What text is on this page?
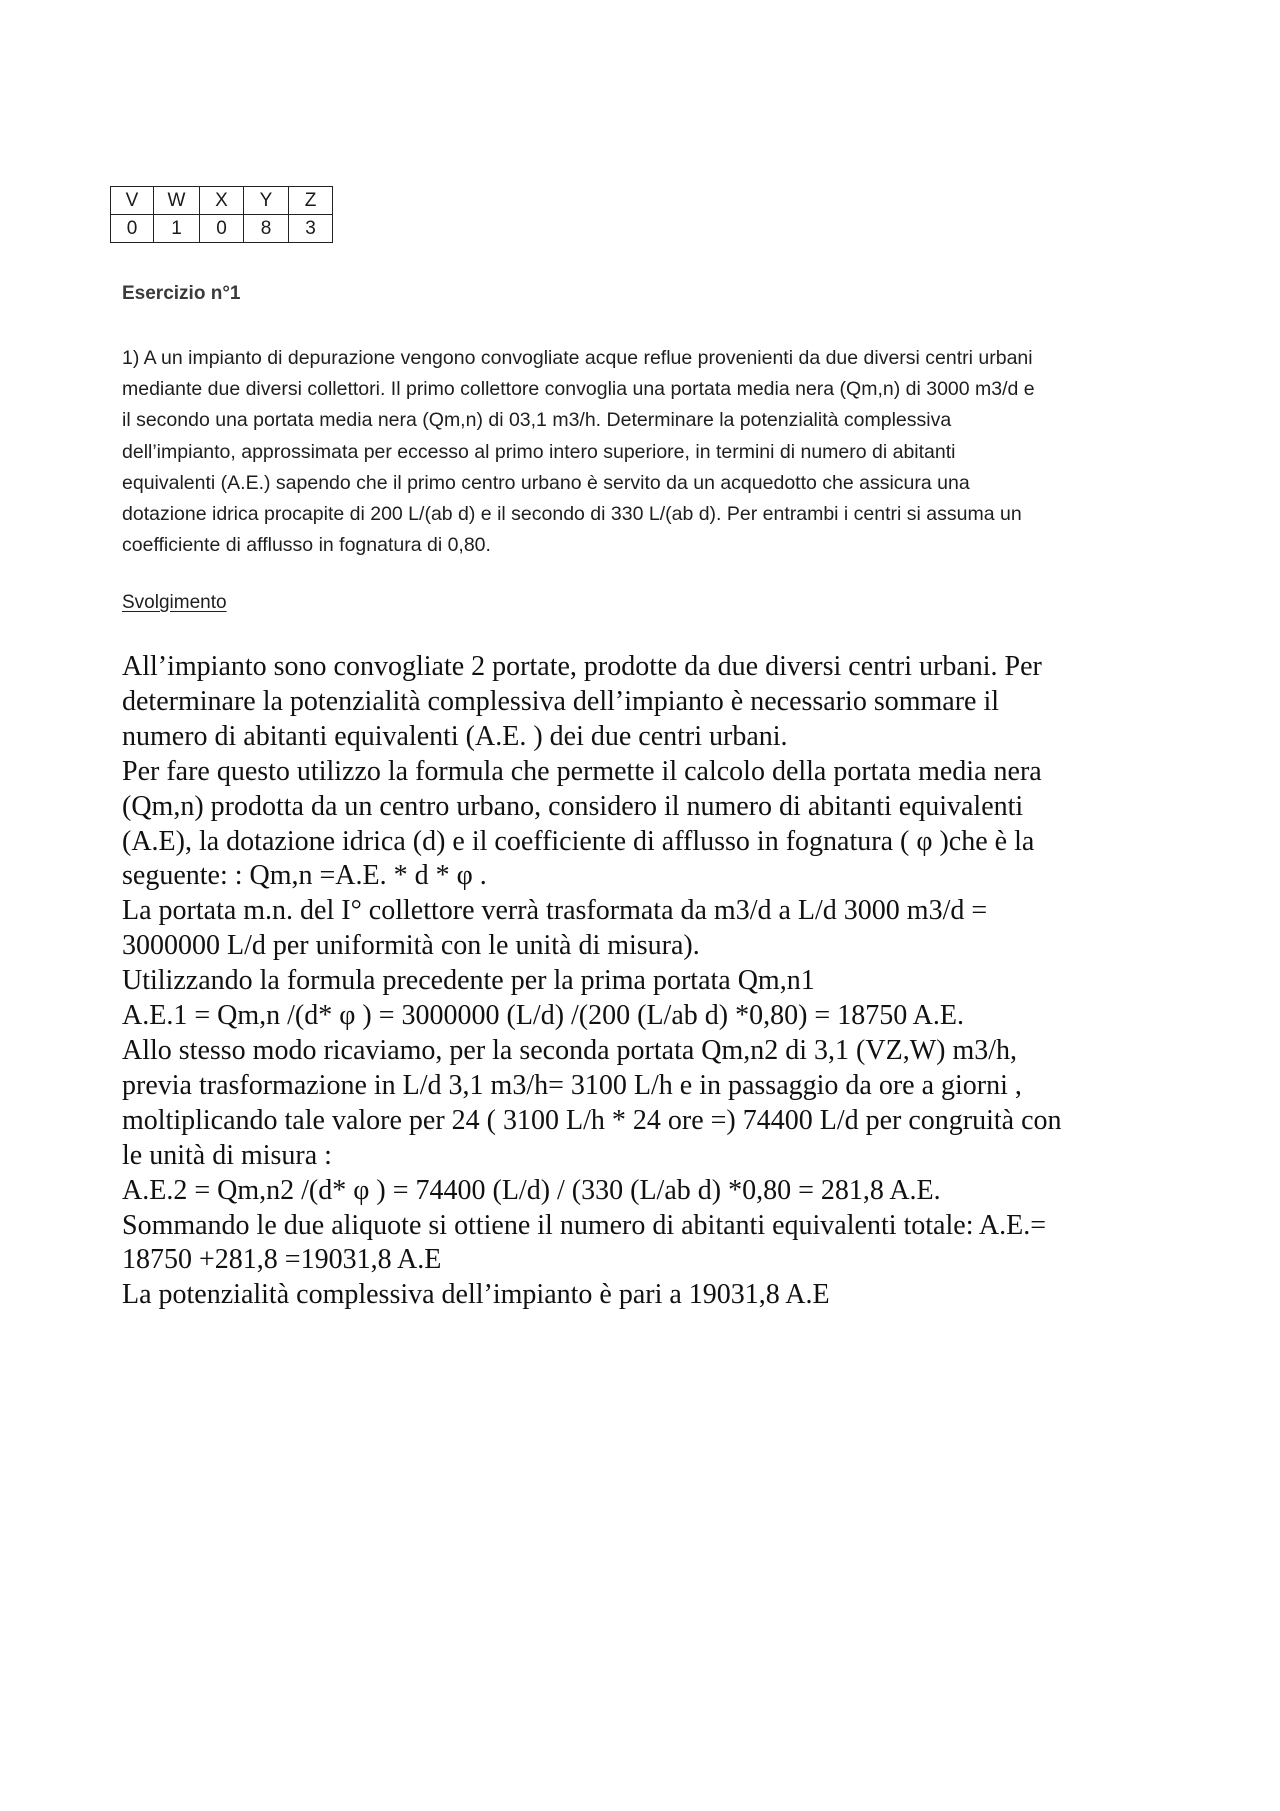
V	W	X	Y	Z
0	1	0	8	3
Esercizio n°1
1) A un impianto di depurazione vengono convogliate acque reflue provenienti da due diversi centri urbani
mediante due diversi collettori. Il primo collettore convoglia una portata media nera (Qm,n) di 3000 m3/d e
il secondo una portata media nera (Qm,n) di 03,1 m3/h. Determinare la potenzialità complessiva
dell’impianto, approssimata per eccesso al primo intero superiore, in termini di numero di abitanti
equivalenti (A.E.) sapendo che il primo centro urbano è servito da un acquedotto che assicura una
dotazione idrica procapite di 200 L/(ab d) e il secondo di 330 L/(ab d). Per entrambi i centri si assuma un
coefficiente di afflusso in fognatura di 0,80.
Svolgimento
All’impianto sono convogliate 2 portate, prodotte da due diversi centri urbani. Per
determinare la potenzialità complessiva dell’impianto è necessario sommare il
numero di abitanti equivalenti (A.E. ) dei due centri urbani.
Per fare questo utilizzo la formula che permette il calcolo della portata media nera
(Qm,n) prodotta da un centro urbano, considero il numero di abitanti equivalenti
(A.E), la dotazione idrica (d) e il coefficiente di afflusso in fognatura ( φ )che è la
seguente: : Qm,n =A.E. * d * φ .
La portata m.n. del I° collettore verrà trasformata da m3/d a L/d 3000 m3/d =
3000000 L/d per uniformità con le unità di misura).
Utilizzando la formula precedente per la prima portata Qm,n1
A.E.1 = Qm,n /(d* φ ) = 3000000 (L/d) /(200 (L/ab d) *0,80) = 18750 A.E.
Allo stesso modo ricaviamo, per la seconda portata Qm,n2 di 3,1 (VZ,W) m3/h,
previa trasformazione in L/d 3,1 m3/h= 3100 L/h e in passaggio da ore a giorni ,
moltiplicando tale valore per 24 ( 3100 L/h * 24 ore =) 74400 L/d per congruità con
le unità di misura :
A.E.2 = Qm,n2 /(d* φ ) = 74400 (L/d) / (330 (L/ab d) *0,80 = 281,8 A.E.
Sommando le due aliquote si ottiene il numero di abitanti equivalenti totale: A.E.=
18750 +281,8 =19031,8 A.E
La potenzialità complessiva dell’impianto è pari a 19031,8 A.E
